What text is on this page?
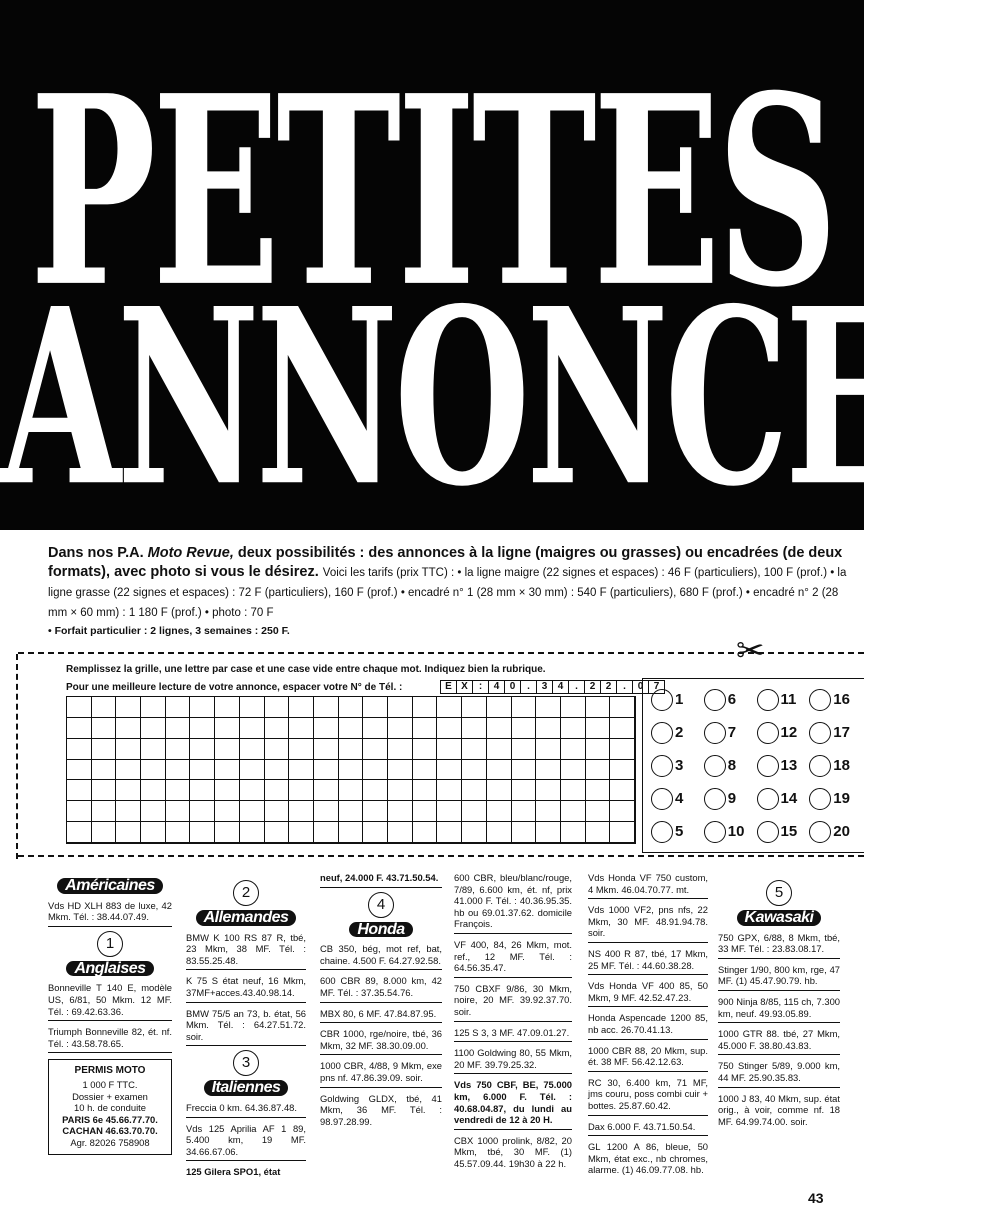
PETITES
ANNONCES
Dans nos P.A. Moto Revue, deux possibilités : des annonces à la ligne (maigres ou grasses) ou encadrées (de deux formats), avec photo si vous le désirez. Voici les tarifs (prix TTC) : • la ligne maigre (22 signes et espaces) : 46 F (particuliers), 100 F (prof.) • la ligne grasse (22 signes et espaces) : 72 F (particuliers), 160 F (prof.) • encadré n° 1 (28 mm × 30 mm) : 540 F (particuliers), 680 F (prof.) • encadré n° 2 (28 mm × 60 mm) : 1 180 F (prof.) • photo : 70 F
• Forfait particulier : 2 lignes, 3 semaines : 250 F.
✂
Remplissez la grille, une lettre par case et une case vide entre chaque mot. Indiquez bien la rubrique.
Pour une meilleure lecture de votre annonce, espacer votre N° de Tél. :	E X	:	4	0	.	3	4	.	2	2	.	0	7
1	6	11 16
2	7	12 17
3	8	13 18
4	9	14 19
5	10 15 20
Américaines
Vds HD XLH 883 de luxe, 42 Mkm. Tél. : 38.44.07.49.
1
Anglaises
Bonneville T 140 E, modèle US, 6/81, 50 Mkm. 12 MF. Tél. : 69.42.63.36.
Triumph Bonneville 82, ét. nf. Tél. : 43.58.78.65.
PERMIS MOTO
1 000 F TTC.
Dossier + examen
10 h. de conduite
PARIS 6e 45.66.77.70.
CACHAN 46.63.70.70.
Agr. 82026 758908
2
Allemandes
BMW K 100 RS 87 R, tbé, 23 Mkm, 38 MF. Tél. : 83.55.25.48.
K 75 S état neuf, 16 Mkm, 37MF+acces.43.40.98.14.
BMW 75/5 an 73, b. état, 56 Mkm. Tél. : 64.27.51.72. soir.
3
Italiennes
Freccia 0 km. 64.36.87.48.
Vds 125 Aprilia AF 1 89, 5.400 km, 19 MF. 34.66.67.06.
125 Gilera SPO1, état
neuf, 24.000 F. 43.71.50.54.
4
Honda
CB 350, bég, mot ref, bat, chaine. 4.500 F. 64.27.92.58.
600 CBR 89, 8.000 km, 42 MF. Tél. : 37.35.54.76.
MBX 80, 6 MF. 47.84.87.95.
CBR 1000, rge/noire, tbé, 36 Mkm, 32 MF. 38.30.09.00.
1000 CBR, 4/88, 9 Mkm, exe pns nf. 47.86.39.09. soir.
Goldwing GLDX, tbé, 41 Mkm, 36 MF. Tél. : 98.97.28.99.
600 CBR, bleu/blanc/rouge, 7/89, 6.600 km, ét. nf, prix 41.000 F. Tél. : 40.36.95.35. hb ou 69.01.37.62. domicile François.
VF 400, 84, 26 Mkm, mot. ref., 12 MF. Tél. : 64.56.35.47.
750 CBXF 9/86, 30 Mkm, noire, 20 MF. 39.92.37.70. soir.
125 S 3, 3 MF. 47.09.01.27.
1100 Goldwing 80, 55 Mkm, 20 MF. 39.79.25.32.
Vds 750 CBF, BE, 75.000 km, 6.000 F. Tél. : 40.68.04.87, du lundi au vendredi de 12 à 20 H.
CBX 1000 prolink, 8/82, 20 Mkm, tbé, 30 MF. (1) 45.57.09.44. 19h30 à 22 h.
Vds Honda VF 750 custom, 4 Mkm. 46.04.70.77. mt.
Vds 1000 VF2, pns nfs, 22 Mkm, 30 MF. 48.91.94.78. soir.
NS 400 R 87, tbé, 17 Mkm, 25 MF. Tél. : 44.60.38.28.
Vds Honda VF 400 85, 50 Mkm, 9 MF. 42.52.47.23.
Honda Aspencade 1200 85, nb acc. 26.70.41.13.
1000 CBR 88, 20 Mkm, sup. ét. 38 MF. 56.42.12.63.
RC 30, 6.400 km, 71 MF, jms couru, poss combi cuir + bottes. 25.87.60.42.
Dax 6.000 F. 43.71.50.54.
GL 1200 A 86, bleue, 50 Mkm, état exc., nb chromes, alarme. (1) 46.09.77.08. hb.
5
Kawasaki
750 GPX, 6/88, 8 Mkm, tbé, 33 MF. Tél. : 23.83.08.17.
Stinger 1/90, 800 km, rge, 47 MF. (1) 45.47.90.79. hb.
900 Ninja 8/85, 115 ch, 7.300 km, neuf. 49.93.05.89.
1000 GTR 88. tbé, 27 Mkm, 45.000 F. 38.80.43.83.
750 Stinger 5/89, 9.000 km, 44 MF. 25.90.35.83.
1000 J 83, 40 Mkm, sup. état orig., à voir, comme nf. 18 MF. 64.99.74.00. soir.
43
